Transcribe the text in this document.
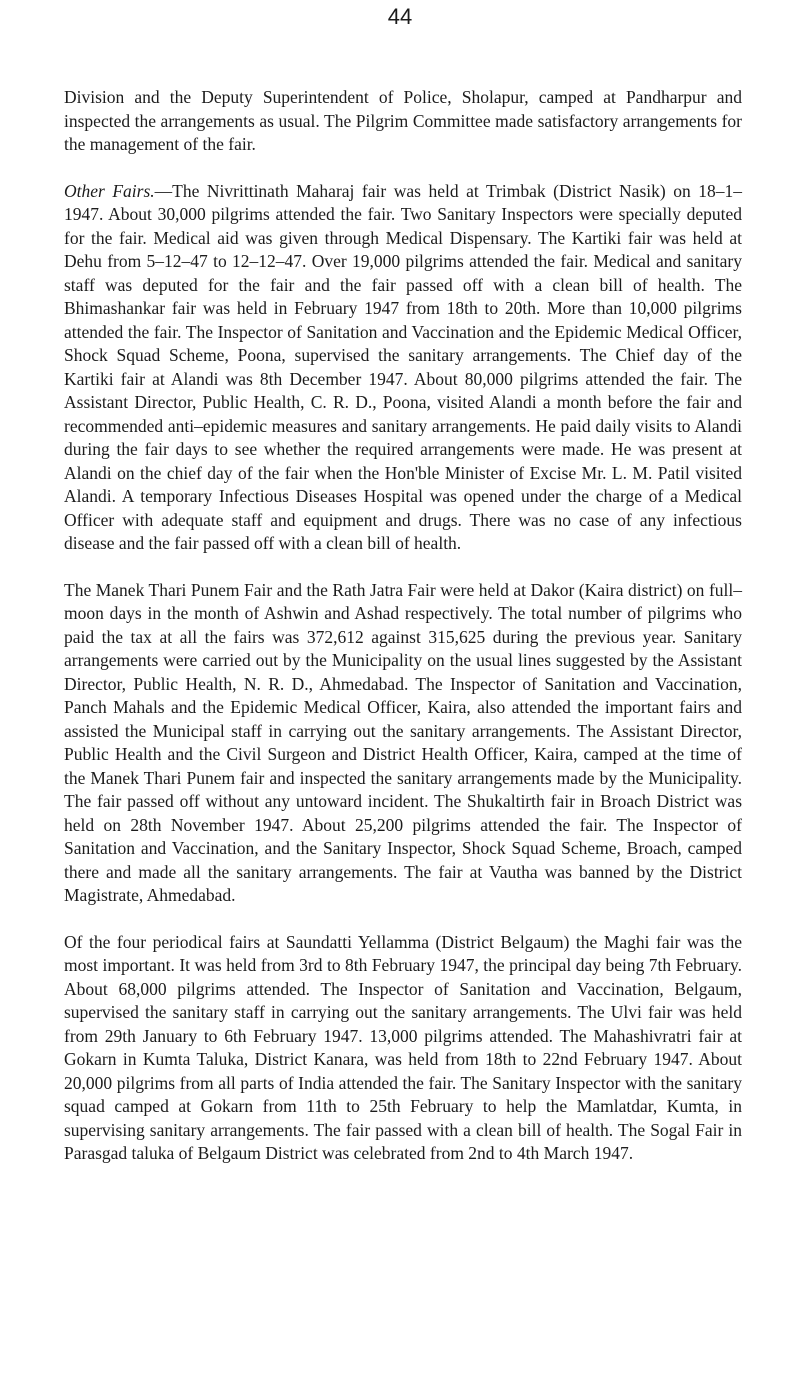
44

Division and the Deputy Superintendent of Police, Sholapur, camped at Pandharpur and inspected the arrangements as usual. The Pilgrim Committee made satisfactory arrangements for the management of the fair.

Other Fairs.—The Nivrittinath Maharaj fair was held at Trimbak (District Nasik) on 18–1–1947. About 30,000 pilgrims attended the fair. Two Sanitary Inspectors were specially deputed for the fair. Medical aid was given through Medical Dispensary. The Kartiki fair was held at Dehu from 5–12–47 to 12–12–47. Over 19,000 pilgrims attended the fair. Medical and sanitary staff was deputed for the fair and the fair passed off with a clean bill of health. The Bhimashankar fair was held in February 1947 from 18th to 20th. More than 10,000 pilgrims attended the fair. The Inspector of Sanitation and Vaccination and the Epidemic Medical Officer, Shock Squad Scheme, Poona, supervised the sanitary arrangements. The Chief day of the Kartiki fair at Alandi was 8th December 1947. About 80,000 pilgrims attended the fair. The Assistant Director, Public Health, C. R. D., Poona, visited Alandi a month before the fair and recommended anti–epidemic measures and sanitary arrangements. He paid daily visits to Alandi during the fair days to see whether the required arrangements were made. He was present at Alandi on the chief day of the fair when the Hon'ble Minister of Excise Mr. L. M. Patil visited Alandi. A temporary Infectious Diseases Hospital was opened under the charge of a Medical Officer with adequate staff and equipment and drugs. There was no case of any infectious disease and the fair passed off with a clean bill of health.

The Manek Thari Punem Fair and the Rath Jatra Fair were held at Dakor (Kaira district) on full–moon days in the month of Ashwin and Ashad respectively. The total number of pilgrims who paid the tax at all the fairs was 372,612 against 315,625 during the previous year. Sanitary arrangements were carried out by the Municipality on the usual lines suggested by the Assistant Director, Public Health, N. R. D., Ahmedabad. The Inspector of Sanitation and Vaccination, Panch Mahals and the Epidemic Medical Officer, Kaira, also attended the important fairs and assisted the Municipal staff in carrying out the sanitary arrangements. The Assistant Director, Public Health and the Civil Surgeon and District Health Officer, Kaira, camped at the time of the Manek Thari Punem fair and inspected the sanitary arrangements made by the Municipality. The fair passed off without any untoward incident. The Shukaltirth fair in Broach District was held on 28th November 1947. About 25,200 pilgrims attended the fair. The Inspector of Sanitation and Vaccination, and the Sanitary Inspector, Shock Squad Scheme, Broach, camped there and made all the sanitary arrangements. The fair at Vautha was banned by the District Magistrate, Ahmedabad.

Of the four periodical fairs at Saundatti Yellamma (District Belgaum) the Maghi fair was the most important. It was held from 3rd to 8th February 1947, the principal day being 7th February. About 68,000 pilgrims attended. The Inspector of Sanitation and Vaccination, Belgaum, supervised the sanitary staff in carrying out the sanitary arrangements. The Ulvi fair was held from 29th January to 6th February 1947. 13,000 pilgrims attended. The Mahashivratri fair at Gokarn in Kumta Taluka, District Kanara, was held from 18th to 22nd February 1947. About 20,000 pilgrims from all parts of India attended the fair. The Sanitary Inspector with the sanitary squad camped at Gokarn from 11th to 25th February to help the Mamlatdar, Kumta, in supervising sanitary arrangements. The fair passed with a clean bill of health. The Sogal Fair in Parasgad taluka of Belgaum District was celebrated from 2nd to 4th March 1947.
